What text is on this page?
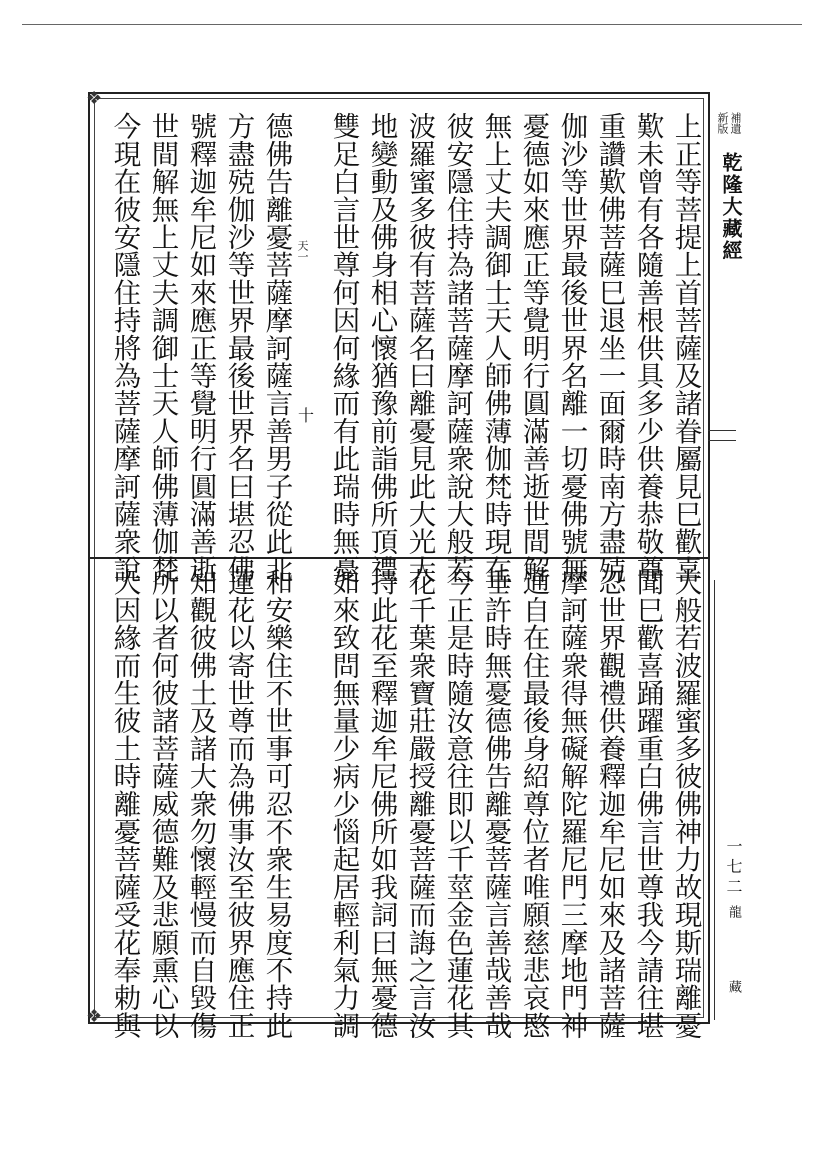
❖
❖
乾隆大藏經
補遺
新版
一七二
龍
藏
天一
十	上正等菩提上首菩薩及諸眷屬見巳歡喜
歎未曾有各隨善根供具多少供養恭敬尊
重讚歎佛菩薩巳退坐一面爾時南方盡殑
伽沙等世界最後世界名離一切憂佛號無
憂德如來應正等覺明行圓滿善逝世間解
無上丈夫調御士天人師佛薄伽梵時現在
彼安隱住持為諸菩薩摩訶薩衆說大般若
波羅蜜多彼有菩薩名曰離憂見此大光大
地變動及佛身相心懷猶豫前詣佛所頂禮
雙足白言世尊何因何緣而有此瑞時無憂
德佛告離憂菩薩摩訶薩言善男子從此北
方盡殑伽沙等世界最後世界名曰堪忍佛
號釋迦牟尼如來應正等覺明行圓滿善逝
世間解無上丈夫調御士天人師佛薄伽梵
今現在彼安隱住持將為菩薩摩訶薩衆說
大般若波羅蜜多彼佛神力故現斯瑞離憂
聞巳歡喜踊躍重白佛言世尊我今請往堪
忍世界觀禮供養釋迦牟尼如來及諸菩薩
摩訶薩衆得無礙解陀羅尼門三摩地門神
通自在住最後身紹尊位者唯願慈悲哀愍
垂許時無憂德佛告離憂菩薩言善哉善哉
今正是時隨汝意往即以千莖金色蓮花其
花千葉衆寶莊嚴授離憂菩薩而誨之言汝
持此花至釋迦牟尼佛所如我詞曰無憂德
如來致問無量少病少惱起居輕利氣力調
和安樂住不世事可忍不衆生易度不持此
蓮花以寄世尊而為佛事汝至彼界應住正
知觀彼佛土及諸大衆勿懷輕慢而自毀傷
所以者何彼諸菩薩威德難及悲願熏心以
大因緣而生彼土時離憂菩薩受花奉勅與
